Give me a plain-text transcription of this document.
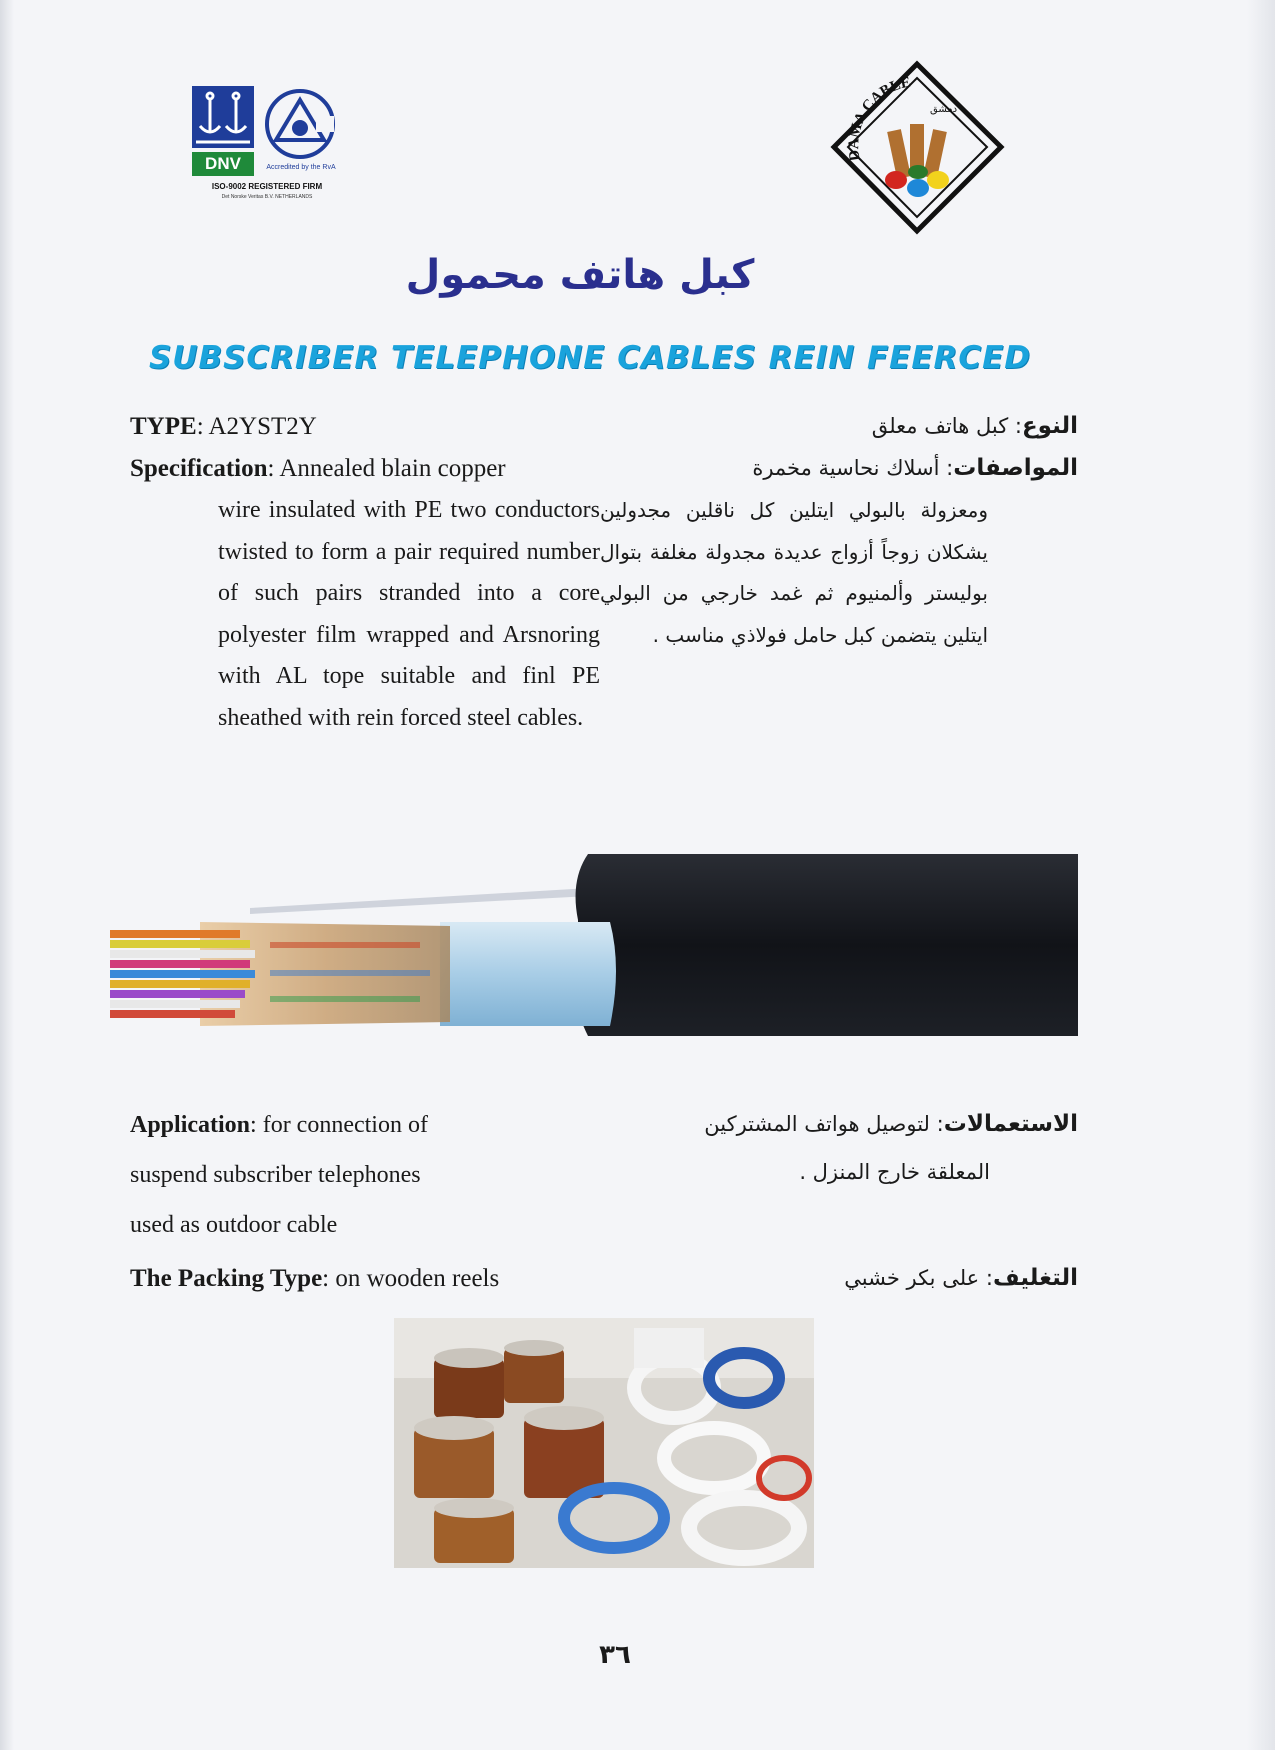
DNV	Accredited by the RvA
ISO-9002 REGISTERED FIRM
Det Norske Veritas B.V. NETHERLANDS
DAMA CABLE
دمشق
كبل هاتف محمول
SUBSCRIBER TELEPHONE CABLES REIN FEERCED
TYPE: A2YST2Y	النوع: كبل هاتف معلق
Specification: Annealed blain copper
wire insulated with PE two conductors twisted to form a pair required number of such pairs stranded into a core polyester film wrapped and Arsnoring with AL tope suitable and finl PE sheathed with rein forced steel cables.
المواصفات: أسلاك نحاسية مخمرة
ومعزولة بالبولي ايتلين كل ناقلين مجدولين يشكلان زوجاً أزواج عديدة مجدولة مغلفة بتوال بوليستر وألمنيوم ثم غمد خارجي من البولي ايتلين يتضمن كبل حامل فولاذي مناسب .
Application: for connection of
suspend subscriber telephones
used as outdoor cable
الاستعمالات: لتوصيل هواتف المشتركين
المعلقة خارج المنزل .
The Packing Type: on wooden reels	التغليف: على بكر خشبي
٣٦
